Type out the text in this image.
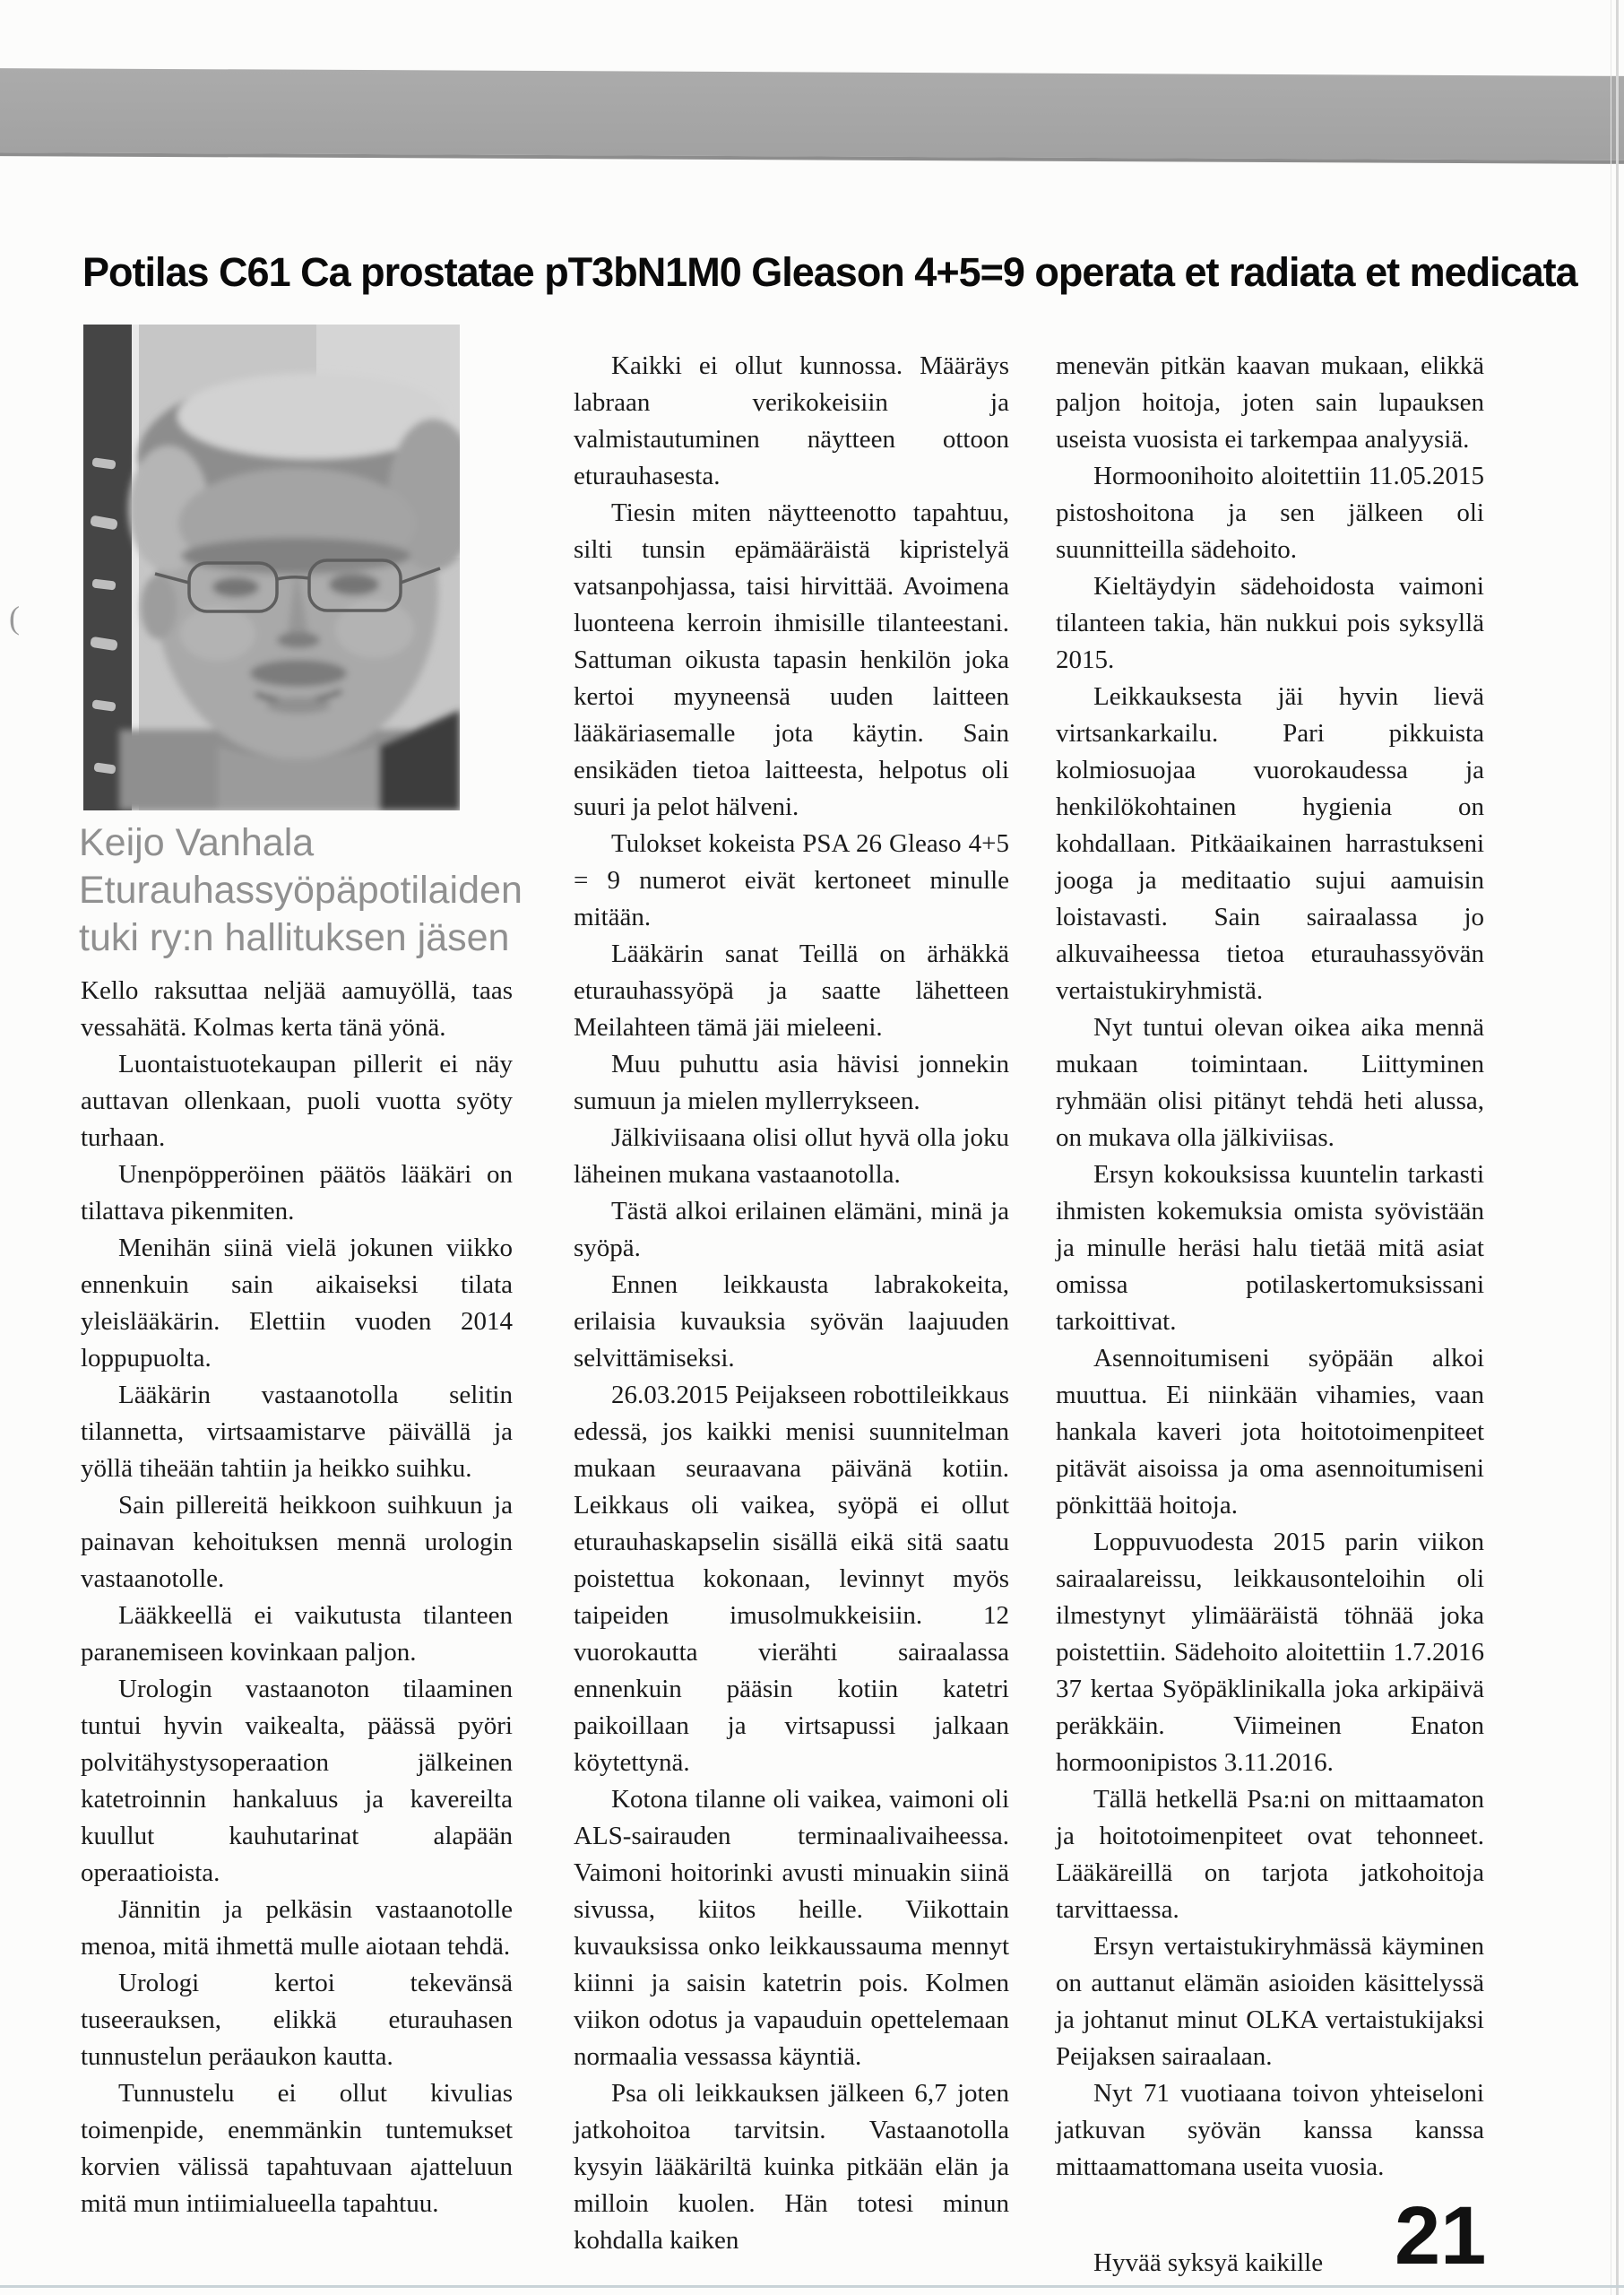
Potilas C61 Ca prostatae pT3bN1M0 Gleason 4+5=9 operata et radiata et medicata
Keijo Vanhala
Eturauhassyöpäpotilaiden
tuki ry:n hallituksen jäsen

Kello raksuttaa neljää aamuyöllä, taas vessahätä. Kolmas kerta tänä yönä.

Luontaistuotekaupan pillerit ei näy auttavan ollenkaan, puoli vuotta syöty turhaan.

Unenpöpperöinen päätös lääkäri on tilattava pikenmiten.

Menihän siinä vielä jokunen viikko ennenkuin sain aikaiseksi tilata yleislääkärin. Elettiin vuoden 2014 loppupuolta.

Lääkärin vastaanotolla selitin tilannetta, virtsaamistarve päivällä ja yöllä tiheään tahtiin ja heikko suihku.

Sain pillereitä heikkoon suihkuun ja painavan kehoituksen mennä urologin vastaanotolle.

Lääkkeellä ei vaikutusta tilanteen paranemiseen kovinkaan paljon.

Urologin vastaanoton tilaaminen tuntui hyvin vaikealta, päässä pyöri polvitähystysoperaation jälkeinen katetroinnin hankaluus ja kavereilta kuullut kauhutarinat alapään operaatioista.

Jännitin ja pelkäsin vastaanotolle menoa, mitä ihmettä mulle aiotaan tehdä.

Urologi kertoi tekevänsä tuseerauksen, elikkä eturauhasen tunnustelun peräaukon kautta.

Tunnustelu ei ollut kivulias toimenpide, enemmänkin tuntemukset korvien välissä tapahtuvaan ajatteluun mitä mun intiimialueella tapahtuu.

Kaikki ei ollut kunnossa. Määräys labraan verikokeisiin ja valmistautuminen näytteen ottoon eturauhasesta.

Tiesin miten näytteenotto tapahtuu, silti tunsin epämääräistä kipristelyä vatsanpohjassa, taisi hirvittää. Avoimena luonteena kerroin ihmisille tilanteestani. Sattuman oikusta tapasin henkilön joka kertoi myyneensä uuden laitteen lääkäriasemalle jota käytin. Sain ensikäden tietoa laitteesta, helpotus oli suuri ja pelot hälveni.

Tulokset kokeista PSA 26 Gleaso 4+5 = 9 numerot eivät kertoneet minulle mitään.

Lääkärin sanat Teillä on ärhäkkä eturauhassyöpä ja saatte lähetteen Meilahteen tämä jäi mieleeni.

Muu puhuttu asia hävisi jonnekin sumuun ja mielen myllerrykseen.

Jälkiviisaana olisi ollut hyvä olla joku läheinen mukana vastaanotolla.

Tästä alkoi erilainen elämäni, minä ja syöpä.

Ennen leikkausta labrakokeita, erilaisia kuvauksia syövän laajuuden selvittämiseksi.

26.03.2015 Peijakseen robottileikkaus edessä, jos kaikki menisi suunnitelman mukaan seuraavana päivänä kotiin. Leikkaus oli vaikea, syöpä ei ollut eturauhaskapselin sisällä eikä sitä saatu poistettua kokonaan, levinnyt myös taipeiden imusolmukkeisiin. 12 vuorokautta vierähti sairaalassa ennenkuin pääsin kotiin katetri paikoillaan ja virtsapussi jalkaan köytettynä.

Kotona tilanne oli vaikea, vaimoni oli ALS-sairauden terminaalivaiheessa. Vaimoni hoitorinki avusti minuakin siinä sivussa, kiitos heille. Viikottain kuvauksissa onko leikkaussauma mennyt kiinni ja saisin katetrin pois. Kolmen viikon odotus ja vapauduin opettelemaan normaalia vessassa käyntiä.

Psa oli leikkauksen jälkeen 6,7 joten jatkohoitoa tarvitsin. Vastaanotolla kysyin lääkäriltä kuinka pitkään elän ja milloin kuolen. Hän totesi minun kohdalla kaiken

menevän pitkän kaavan mukaan, elikkä paljon hoitoja, joten sain lupauksen useista vuosista ei tarkempaa analyysiä.

Hormoonihoito aloitettiin 11.05.2015 pistoshoitona ja sen jälkeen oli suunnitteilla sädehoito.

Kieltäydyin sädehoidosta vaimoni tilanteen takia, hän nukkui pois syksyllä 2015.

Leikkauksesta jäi hyvin lievä virtsankarkailu. Pari pikkuista kolmiosuojaa vuorokaudessa ja henkilökohtainen hygienia on kohdallaan. Pitkäaikainen harrastukseni jooga ja meditaatio sujui aamuisin loistavasti. Sain sairaalassa jo alkuvaiheessa tietoa eturauhassyövän vertaistukiryhmistä.

Nyt tuntui olevan oikea aika mennä mukaan toimintaan. Liittyminen ryhmään olisi pitänyt tehdä heti alussa, on mukava olla jälkiviisas.

Ersyn kokouksissa kuuntelin tarkasti ihmisten kokemuksia omista syövistään ja minulle heräsi halu tietää mitä asiat omissa potilaskertomuksissani tarkoittivat.

Asennoitumiseni syöpään alkoi muuttua. Ei niinkään vihamies, vaan hankala kaveri jota hoitotoimenpiteet pitävät aisoissa ja oma asennoitumiseni pönkittää hoitoja.

Loppuvuodesta 2015 parin viikon sairaalareissu, leikkausonteloihin oli ilmestynyt ylimääräistä töhnää joka poistettiin. Sädehoito aloitettiin 1.7.2016 37 kertaa Syöpäklinikalla joka arkipäivä peräkkäin. Viimeinen Enaton hormoonipistos 3.11.2016.

Tällä hetkellä Psa:ni on mittaamaton ja hoitotoimenpiteet ovat tehonneet. Lääkäreillä on tarjota jatkohoitoja tarvittaessa.

Ersyn vertaistukiryhmässä käyminen on auttanut elämän asioiden käsittelyssä ja johtanut minut OLKA vertaistukijaksi Peijaksen sairaalaan.

Nyt 71 vuotiaana toivon yhteiseloni jatkuvan syövän kanssa kanssa mittaamattomana useita vuosia.

Hyvää syksyä kaikille 21
(
